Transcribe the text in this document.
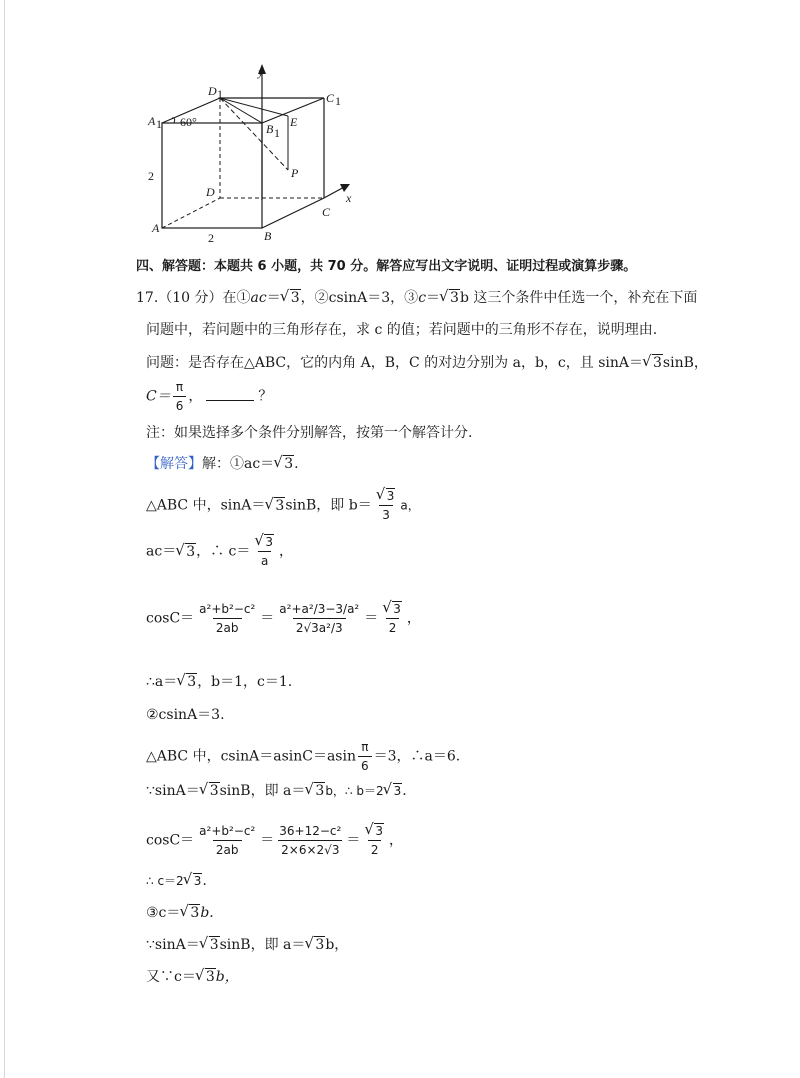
y
x
D 1	C 1
A 1	B 1
E
P
D
A
B
C
60°
2
2
四、解答题：本题共 6 小题，共 70 分。解答应写出文字说明、证明过程或演算步骤。
17.（10 分）在①ac＝ √ 3，②csinA＝3，③c＝ √ 3b 这三个条件中任选一个，补充在下面
问题中，若问题中的三角形存在，求 c 的值；若问题中的三角形不存在，说明理由.
问题：是否存在△ABC，它的内角 A，B，C 的对边分别为 a，b，c，且 sinA＝ √ 3sinB，
$C= \frac{\pi}{6}$ ，	？
注：如果选择多个条件分别解答，按第一个解答计分.
【解答】解：①ac＝ √ 3.
△ABC 中，sinA＝ √ 3sinB，即 b＝ √ $\frac{3}{3}$ a，
ac＝ √ 3，∴ c＝ √ $\frac{3}{a}$ ，
$\cos C= \frac{\text{a²+b²−c²}}{2ab} = \frac{\text{a²+a²/3−3/a²}}{\text{2√3a²/3}}$ ＝ √ $\frac{3}{2}$ ，
∴a＝ √ 3，b＝1，c＝1.
②csinA＝3.
△ABC 中，$csinA=asinC=asin \frac{\pi}{6} =3$，∴a＝6.
∵sinA＝ √ 3sinB，即 a＝ √ 3b，∴ b＝2 √ 3.
$\cos C= \frac{\text{a²+b²−c²}}{2ab} = \frac{\text{36+12−c²}}{2\times 6\times 2√3}$ ＝ √ $\frac{3}{2}$ ，
∴ c＝2 √ 3.
③c＝ √ 3b.
∵sinA＝ √ 3sinB，即 a＝ √ 3b，
又∵c＝ √ 3b，
